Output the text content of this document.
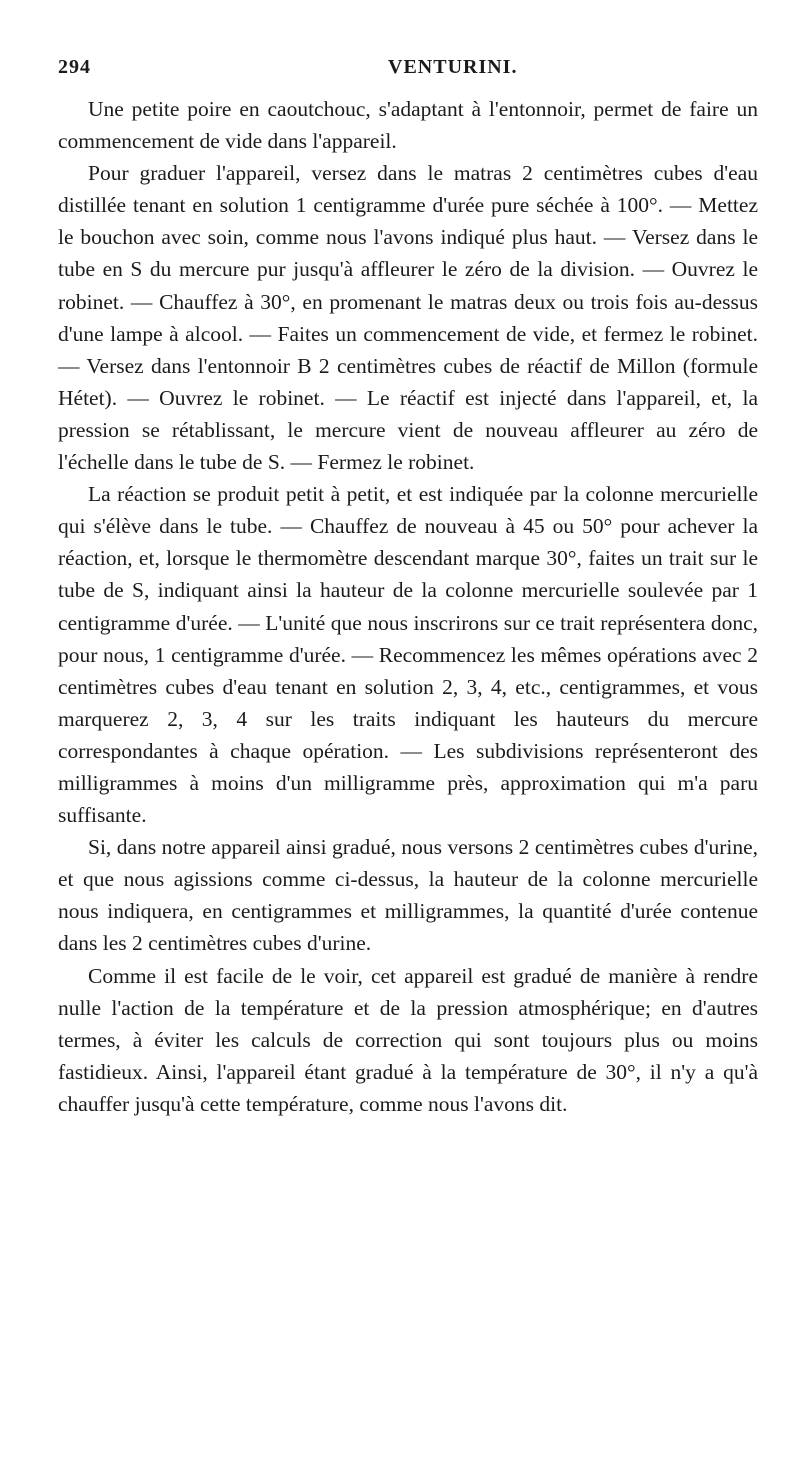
294	VENTURINI.

Une petite poire en caoutchouc, s'adaptant à l'entonnoir, permet de faire un commencement de vide dans l'appareil.

Pour graduer l'appareil, versez dans le matras 2 centimètres cubes d'eau distillée tenant en solution 1 centigramme d'urée pure séchée à 100°. — Mettez le bouchon avec soin, comme nous l'avons indiqué plus haut. — Versez dans le tube en S du mercure pur jusqu'à affleurer le zéro de la division. — Ouvrez le robinet. — Chauffez à 30°, en promenant le matras deux ou trois fois au-dessus d'une lampe à alcool. — Faites un commencement de vide, et fermez le robinet. — Versez dans l'entonnoir B 2 centimètres cubes de réactif de Millon (formule Hétet). — Ouvrez le robinet. — Le réactif est injecté dans l'appareil, et, la pression se rétablissant, le mercure vient de nouveau affleurer au zéro de l'échelle dans le tube de S. — Fermez le robinet.

La réaction se produit petit à petit, et est indiquée par la colonne mercurielle qui s'élève dans le tube. — Chauffez de nouveau à 45 ou 50° pour achever la réaction, et, lorsque le thermomètre descendant marque 30°, faites un trait sur le tube de S, indiquant ainsi la hauteur de la colonne mercurielle soulevée par 1 centigramme d'urée. — L'unité que nous inscrirons sur ce trait représentera donc, pour nous, 1 centigramme d'urée. — Recommencez les mêmes opérations avec 2 centimètres cubes d'eau tenant en solution 2, 3, 4, etc., centigrammes, et vous marquerez 2, 3, 4 sur les traits indiquant les hauteurs du mercure correspondantes à chaque opération. — Les subdivisions représenteront des milligrammes à moins d'un milligramme près, approximation qui m'a paru suffisante.

Si, dans notre appareil ainsi gradué, nous versons 2 centimètres cubes d'urine, et que nous agissions comme ci-dessus, la hauteur de la colonne mercurielle nous indiquera, en centigrammes et milligrammes, la quantité d'urée contenue dans les 2 centimètres cubes d'urine.

Comme il est facile de le voir, cet appareil est gradué de manière à rendre nulle l'action de la température et de la pression atmosphérique; en d'autres termes, à éviter les calculs de correction qui sont toujours plus ou moins fastidieux. Ainsi, l'appareil étant gradué à la température de 30°, il n'y a qu'à chauffer jusqu'à cette température, comme nous l'avons dit.
